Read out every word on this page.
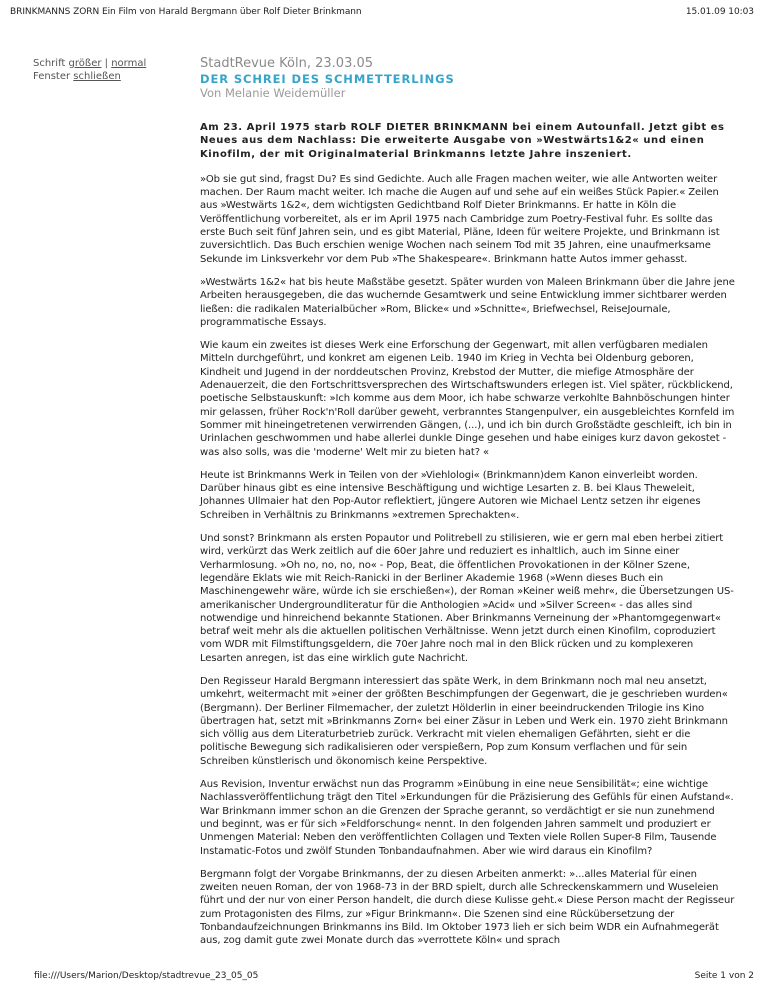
BRINKMANNS ZORN Ein Film von Harald Bergmann über Rolf Dieter Brinkmann	15.01.09 10:03
Schrift größer | normal
Fenster schließen

StadtRevue Köln, 23.03.05

DER SCHREI DES SCHMETTERLINGS

Von Melanie Weidemüller

Am 23. April 1975 starb ROLF DIETER BRINKMANN bei einem Autounfall. Jetzt gibt es Neues aus dem Nachlass: Die erweiterte Ausgabe von »Westwärts1&2« und einen Kinofilm, der mit Originalmaterial Brinkmanns letzte Jahre inszeniert.

»Ob sie gut sind, fragst Du? Es sind Gedichte. Auch alle Fragen machen weiter, wie alle Antworten weiter machen. Der Raum macht weiter. Ich mache die Augen auf und sehe auf ein weißes Stück Papier.« Zeilen aus »Westwärts 1&2«, dem wichtigsten Gedichtband Rolf Dieter Brinkmanns. Er hatte in Köln die Veröffentlichung vorbereitet, als er im April 1975 nach Cambridge zum Poetry-Festival fuhr. Es sollte das erste Buch seit fünf Jahren sein, und es gibt Material, Pläne, Ideen für weitere Projekte, und Brinkmann ist zuversichtlich. Das Buch erschien wenige Wochen nach seinem Tod mit 35 Jahren, eine unaufmerksame Sekunde im Linksverkehr vor dem Pub »The Shakespeare«. Brinkmann hatte Autos immer gehasst.

»Westwärts 1&2« hat bis heute Maßstäbe gesetzt. Später wurden von Maleen Brinkmann über die Jahre jene Arbeiten herausgegeben, die das wuchernde Gesamtwerk und seine Entwicklung immer sichtbarer werden ließen: die radikalen Materialbücher »Rom, Blicke« und »Schnitte«, Briefwechsel, ReiseJournale, programmatische Essays.

Wie kaum ein zweites ist dieses Werk eine Erforschung der Gegenwart, mit allen verfügbaren medialen Mitteln durchgeführt, und konkret am eigenen Leib. 1940 im Krieg in Vechta bei Oldenburg geboren, Kindheit und Jugend in der norddeutschen Provinz, Krebstod der Mutter, die miefige Atmosphäre der Adenauerzeit, die den Fortschrittsversprechen des Wirtschaftswunders erlegen ist. Viel später, rückblickend, poetische Selbstauskunft: »Ich komme aus dem Moor, ich habe schwarze verkohlte Bahnböschungen hinter mir gelassen, früher Rock'n'Roll darüber geweht, verbranntes Stangenpulver, ein ausgebleichtes Kornfeld im Sommer mit hineingetretenen verwirrenden Gängen, (...), und ich bin durch Großstädte geschleift, ich bin in Urinlachen geschwommen und habe allerlei dunkle Dinge gesehen und habe einiges kurz davon gekostet - was also solls, was die 'moderne' Welt mir zu bieten hat? «

Heute ist Brinkmanns Werk in Teilen von der »Viehlologi« (Brinkmann)dem Kanon einverleibt worden. Darüber hinaus gibt es eine intensive Beschäftigung und wichtige Lesarten z. B. bei Klaus Theweleit, Johannes Ullmaier hat den Pop-Autor reflektiert, jüngere Autoren wie Michael Lentz setzen ihr eigenes Schreiben in Verhältnis zu Brinkmanns »extremen Sprechakten«.

Und sonst? Brinkmann als ersten Popautor und Politrebell zu stilisieren, wie er gern mal eben herbei zitiert wird, verkürzt das Werk zeitlich auf die 60er Jahre und reduziert es inhaltlich, auch im Sinne einer Verharmlosung. »Oh no, no, no, no« - Pop, Beat, die öffentlichen Provokationen in der Kölner Szene, legendäre Eklats wie mit Reich-Ranicki in der Berliner Akademie 1968 (»Wenn dieses Buch ein Maschinengewehr wäre, würde ich sie erschießen«), der Roman »Keiner weiß mehr«, die Übersetzungen US-amerikanischer Undergroundliteratur für die Anthologien »Acid« und »Silver Screen« - das alles sind notwendige und hinreichend bekannte Stationen. Aber Brinkmanns Verneinung der »Phantomgegenwart« betraf weit mehr als die aktuellen politischen Verhältnisse. Wenn jetzt durch einen Kinofilm, coproduziert vom WDR mit Filmstiftungsgeldern, die 70er Jahre noch mal in den Blick rücken und zu komplexeren Lesarten anregen, ist das eine wirklich gute Nachricht.

Den Regisseur Harald Bergmann interessiert das späte Werk, in dem Brinkmann noch mal neu ansetzt, umkehrt, weitermacht mit »einer der größten Beschimpfungen der Gegenwart, die je geschrieben wurden« (Bergmann). Der Berliner Filmemacher, der zuletzt Hölderlin in einer beeindruckenden Trilogie ins Kino übertragen hat, setzt mit »Brinkmanns Zorn« bei einer Zäsur in Leben und Werk ein. 1970 zieht Brinkmann sich völlig aus dem Literaturbetrieb zurück. Verkracht mit vielen ehemaligen Gefährten, sieht er die politische Bewegung sich radikalisieren oder verspießern, Pop zum Konsum verflachen und für sein Schreiben künstlerisch und ökonomisch keine Perspektive.

Aus Revision, Inventur erwächst nun das Programm »Einübung in eine neue Sensibilität«; eine wichtige Nachlassveröffentlichung trägt den Titel »Erkundungen für die Präzisierung des Gefühls für einen Aufstand«. War Brinkmann immer schon an die Grenzen der Sprache gerannt, so verdächtigt er sie nun zunehmend und beginnt, was er für sich »Feldforschung« nennt. In den folgenden Jahren sammelt und produziert er Unmengen Material: Neben den veröffentlichten Collagen und Texten viele Rollen Super-8 Film, Tausende Instamatic-Fotos und zwölf Stunden Tonbandaufnahmen. Aber wie wird daraus ein Kinofilm?

Bergmann folgt der Vorgabe Brinkmanns, der zu diesen Arbeiten anmerkt: »...alles Material für einen zweiten neuen Roman, der von 1968-73 in der BRD spielt, durch alle Schreckenskammern und Wuseleien führt und der nur von einer Person handelt, die durch diese Kulisse geht.« Diese Person macht der Regisseur zum Protagonisten des Films, zur »Figur Brinkmann«. Die Szenen sind eine Rückübersetzung der Tonbandaufzeichnungen Brinkmanns ins Bild. Im Oktober 1973 lieh er sich beim WDR ein Aufnahmegerät aus, zog damit gute zwei Monate durch das »verrottete Köln« und sprach

file:///Users/Marion/Desktop/stadtrevue_23_05_05	Seite 1 von 2
